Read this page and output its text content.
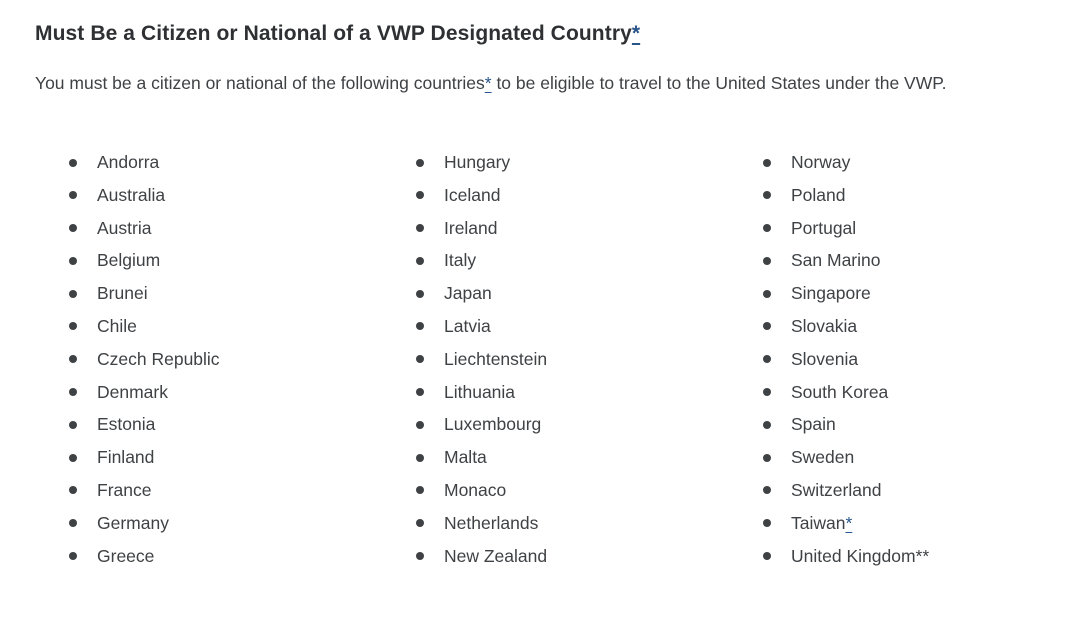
Must Be a Citizen or National of a VWP Designated Country*

You must be a citizen or national of the following countries* to be eligible to travel to the United States under the VWP.

Andorra
Australia
Austria
Belgium
Brunei
Chile
Czech Republic
Denmark
Estonia
Finland
France
Germany
Greece
Hungary
Iceland
Ireland
Italy
Japan
Latvia
Liechtenstein
Lithuania
Luxembourg
Malta
Monaco
Netherlands
New Zealand
Norway
Poland
Portugal
San Marino
Singapore
Slovakia
Slovenia
South Korea
Spain
Sweden
Switzerland
Taiwan*
United Kingdom**
